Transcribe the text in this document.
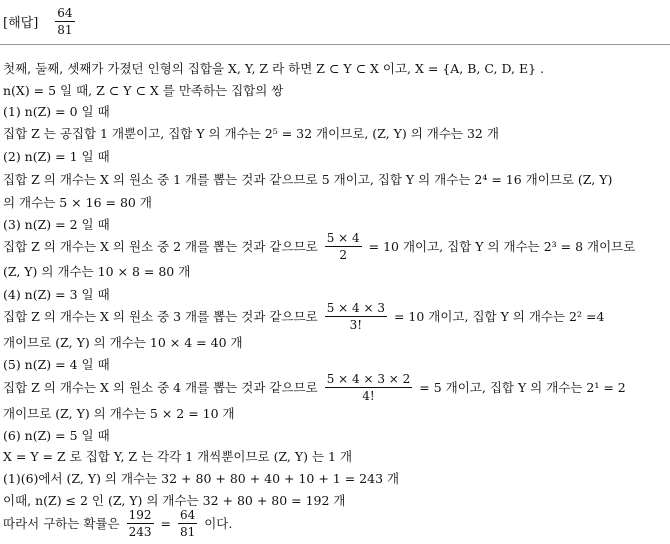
[해답] $\frac{64}{81}$
첫째, 둘째, 셋째가 가졌던 인형의 집합을 X, Y, Z 라 하면 Z ⊂ Y ⊂ X 이고, X = {A, B, C, D, E} .
n(X) = 5 일 때, Z ⊂ Y ⊂ X 를 만족하는 집합의 쌍
(1) n(Z) = 0 일 때
집합 Z 는 공집합 1 개뿐이고, 집합 Y 의 개수는 2⁵ = 32 개이므로, (Z, Y) 의 개수는 32 개
(2) n(Z) = 1 일 때
집합 Z 의 개수는 X 의 원소 중 1 개를 뽑는 것과 같으므로 5 개이고, 집합 Y 의 개수는 2⁴ = 16 개이므로 (Z, Y)
의 개수는 5 × 16 = 80 개
(3) n(Z) = 2 일 때
집합 Z 의 개수는 X 의 원소 중 2 개를 뽑는 것과 같으므로 $\frac{5 \times 4}{2} = 10$ 개이고, 집합 Y 의 개수는 2³ = 8 개이므로
(Z, Y) 의 개수는 10 × 8 = 80 개
(4) n(Z) = 3 일 때
집합 Z 의 개수는 X 의 원소 중 3 개를 뽑는 것과 같으므로 $\frac{5 \times 4 \times 3}{3!} = 10$ 개이고, 집합 Y 의 개수는 2² =4
개이므로 (Z, Y) 의 개수는 10 × 4 = 40 개
(5) n(Z) = 4 일 때
집합 Z 의 개수는 X 의 원소 중 4 개를 뽑는 것과 같으므로 $\frac{5 \times 4 \times 3 \times 2}{4!} = 5$ 개이고, 집합 Y 의 개수는 2¹ = 2
개이므로 (Z, Y) 의 개수는 5 × 2 = 10 개
(6) n(Z) = 5 일 때
X = Y = Z 로 집합 Y, Z 는 각각 1 개씩뿐이므로 (Z, Y) 는 1 개
(1)(6)에서 (Z, Y) 의 개수는 32 + 80 + 80 + 40 + 10 + 1 = 243 개
이때, n(Z) ≤ 2 인 (Z, Y) 의 개수는 32 + 80 + 80 = 192 개
따라서 구하는 확률은 $\frac{192}{243} = \frac{64}{81}$ 이다.
